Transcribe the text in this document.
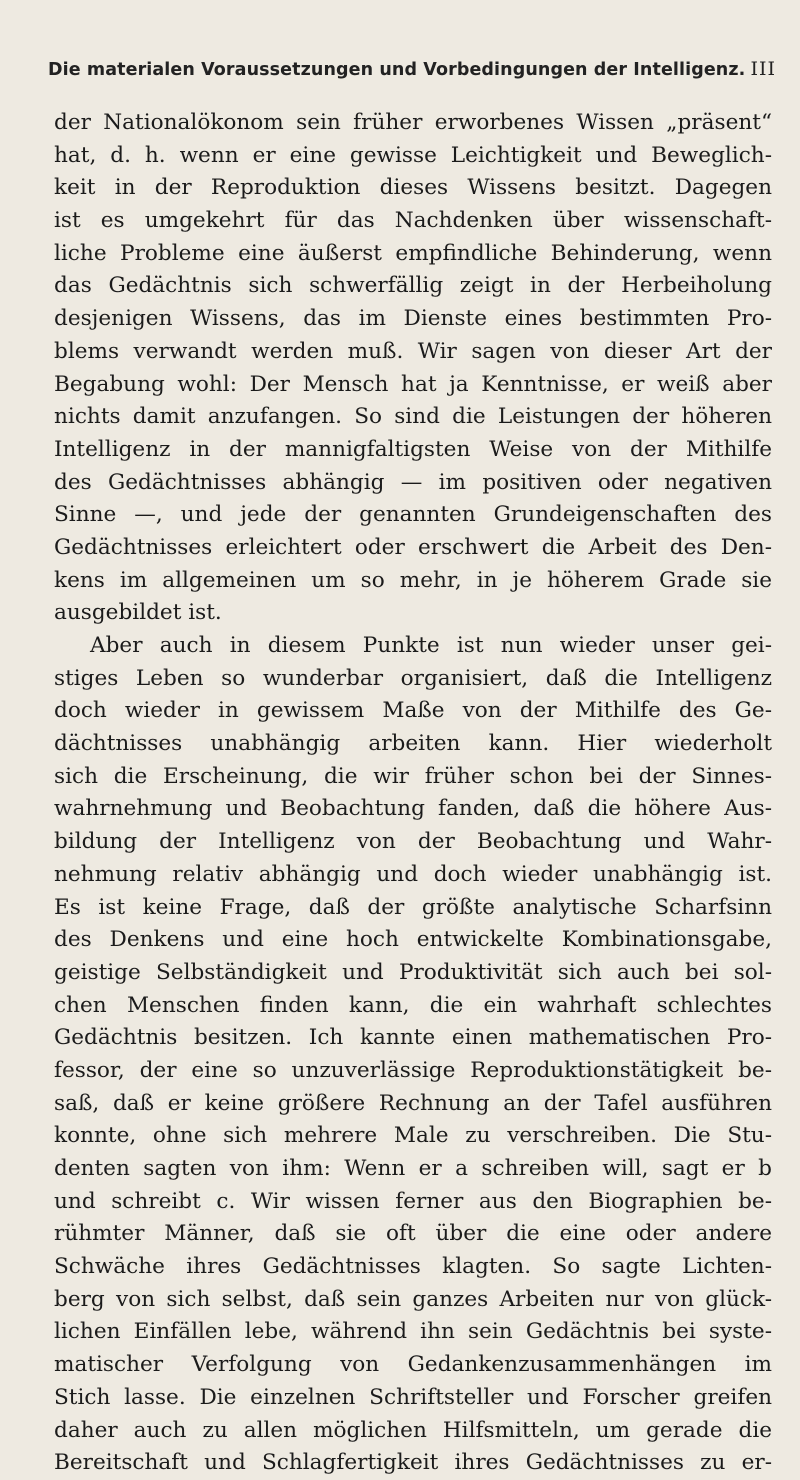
Die materialen Voraussetzungen und Vorbedingungen der Intelligenz. III
der Nationalökonom sein früher erworbenes Wissen „präsent“
hat, d. h. wenn er eine gewisse Leichtigkeit und Beweglich-
keit in der Reproduktion dieses Wissens besitzt. Dagegen
ist es umgekehrt für das Nachdenken über wissenschaft-
liche Probleme eine äußerst empfindliche Behinderung, wenn
das Gedächtnis sich schwerfällig zeigt in der Herbeiholung
desjenigen Wissens, das im Dienste eines bestimmten Pro-
blems verwandt werden muß. Wir sagen von dieser Art der
Begabung wohl: Der Mensch hat ja Kenntnisse, er weiß aber
nichts damit anzufangen. So sind die Leistungen der höheren
Intelligenz in der mannigfaltigsten Weise von der Mithilfe
des Gedächtnisses abhängig — im positiven oder negativen
Sinne —, und jede der genannten Grundeigenschaften des
Gedächtnisses erleichtert oder erschwert die Arbeit des Den-
kens im allgemeinen um so mehr, in je höherem Grade sie
ausgebildet ist.
Aber auch in diesem Punkte ist nun wieder unser gei-
stiges Leben so wunderbar organisiert, daß die Intelligenz
doch wieder in gewissem Maße von der Mithilfe des Ge-
dächtnisses unabhängig arbeiten kann. Hier wiederholt
sich die Erscheinung, die wir früher schon bei der Sinnes-
wahrnehmung und Beobachtung fanden, daß die höhere Aus-
bildung der Intelligenz von der Beobachtung und Wahr-
nehmung relativ abhängig und doch wieder unabhängig ist.
Es ist keine Frage, daß der größte analytische Scharfsinn
des Denkens und eine hoch entwickelte Kombinationsgabe,
geistige Selbständigkeit und Produktivität sich auch bei sol-
chen Menschen finden kann, die ein wahrhaft schlechtes
Gedächtnis besitzen. Ich kannte einen mathematischen Pro-
fessor, der eine so unzuverlässige Reproduktionstätigkeit be-
saß, daß er keine größere Rechnung an der Tafel ausführen
konnte, ohne sich mehrere Male zu verschreiben. Die Stu-
denten sagten von ihm: Wenn er a schreiben will, sagt er b
und schreibt c. Wir wissen ferner aus den Biographien be-
rühmter Männer, daß sie oft über die eine oder andere
Schwäche ihres Gedächtnisses klagten. So sagte Lichten-
berg von sich selbst, daß sein ganzes Arbeiten nur von glück-
lichen Einfällen lebe, während ihn sein Gedächtnis bei syste-
matischer Verfolgung von Gedankenzusammenhängen im
Stich lasse. Die einzelnen Schriftsteller und Forscher greifen
daher auch zu allen möglichen Hilfsmitteln, um gerade die
Bereitschaft und Schlagfertigkeit ihres Gedächtnisses zu er-
